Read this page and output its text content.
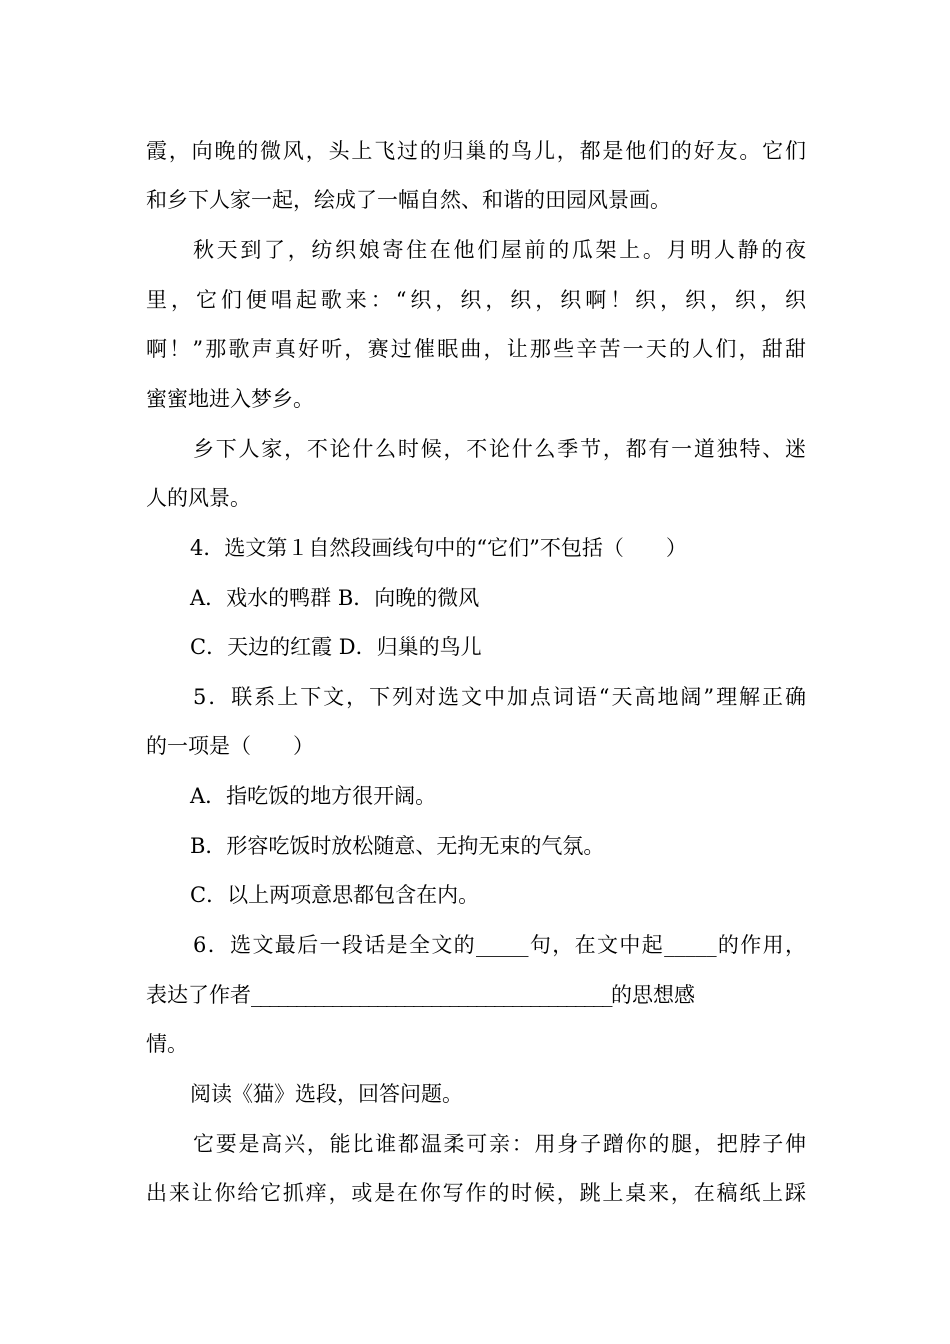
霞，向晚的微风，头上飞过的归巢的鸟儿，都是他们的好友。它们
和乡下人家一起，绘成了一幅自然、和谐的田园风景画。
秋天到了，纺织娘寄住在他们屋前的瓜架上。月明人静的夜
里，它们便唱起歌来：“织，织，织，织啊！织，织，织，织
啊！”那歌声真好听，赛过催眠曲，让那些辛苦一天的人们，甜甜
蜜蜜地进入梦乡。
乡下人家，不论什么时候，不论什么季节，都有一道独特、迷
人的风景。
4．选文第１自然段画线句中的“它们”不包括（　　）
A．戏水的鸭群 B．向晚的微风
C．天边的红霞 D．归巢的鸟儿
5．联系上下文，下列对选文中加点词语“天高地阔”理解正确
的一项是（　　）
A．指吃饭的地方很开阔。
B．形容吃饭时放松随意、无拘无束的气氛。
C．以上两项意思都包含在内。
6．选文最后一段话是全文的_____句，在文中起_____的作用，
表达了作者________________________________________的思想感
情。
阅读《猫》选段，回答问题。
它要是高兴，能比谁都温柔可亲：用身子蹭你的腿，把脖子伸
出来让你给它抓痒，或是在你写作的时候，跳上桌来，在稿纸上踩
